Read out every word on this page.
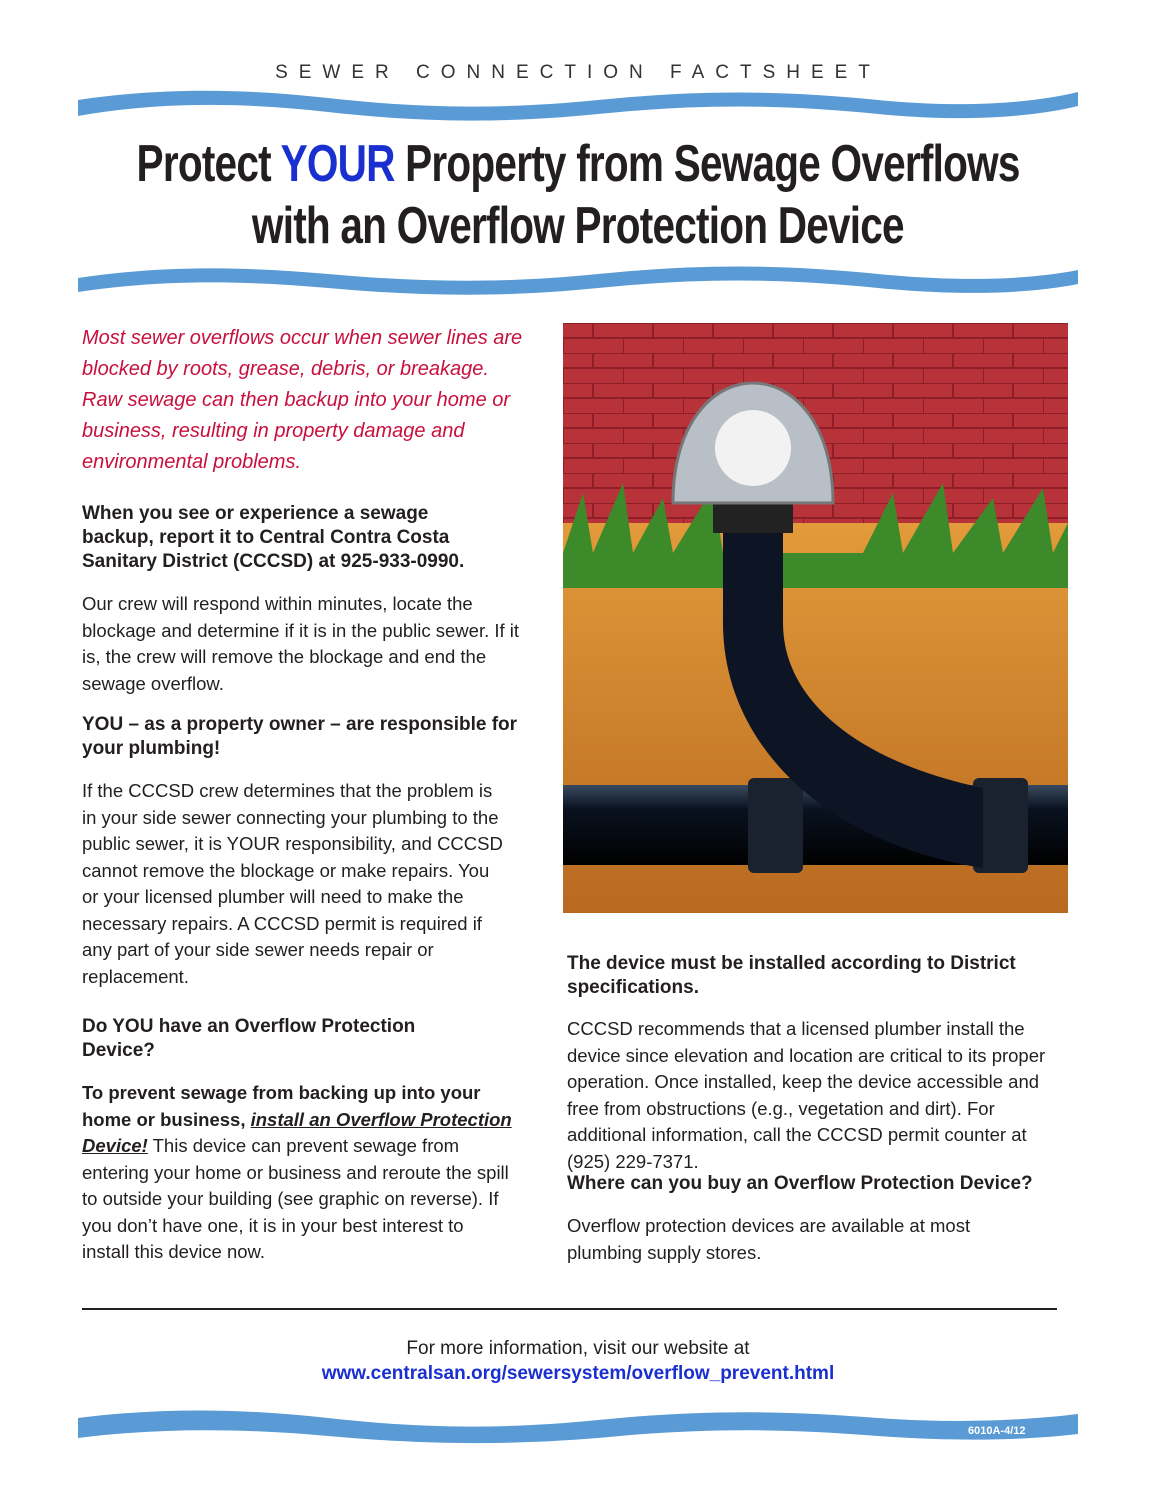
SEWER CONNECTION FACTSHEET
Protect YOUR Property from Sewage Overflows
with an Overflow Protection Device
Most sewer overflows occur when sewer lines are blocked by roots, grease, debris, or breakage. Raw sewage can then backup into your home or business, resulting in property damage and environmental problems.
When you see or experience a sewage backup, report it to Central Contra Costa Sanitary District (CCCSD) at 925-933-0990.
Our crew will respond within minutes, locate the blockage and determine if it is in the public sewer. If it is, the crew will remove the blockage and end the sewage overflow.
YOU – as a property owner – are responsible for your plumbing!
If the CCCSD crew determines that the problem is in your side sewer connecting your plumbing to the public sewer, it is YOUR responsibility, and CCCSD cannot remove the blockage or make repairs. You or your licensed plumber will need to make the necessary repairs. A CCCSD permit is required if any part of your side sewer needs repair or replacement.
Do YOU have an Overflow Protection Device?
To prevent sewage from backing up into your home or business, install an Overflow Protection Device! This device can prevent sewage from entering your home or business and reroute the spill to outside your building (see graphic on reverse). If you don’t have one, it is in your best interest to install this device now.
The device must be installed according to District specifications.
CCCSD recommends that a licensed plumber install the device since elevation and location are critical to its proper operation. Once installed, keep the device accessible and free from obstructions (e.g., vegetation and dirt). For additional information, call the CCCSD permit counter at (925) 229-7371.
Where can you buy an Overflow Protection Device?
Overflow protection devices are available at most plumbing supply stores.
For more information, visit our website at
www.centralsan.org/sewersystem/overflow_prevent.html
6010A-4/12
